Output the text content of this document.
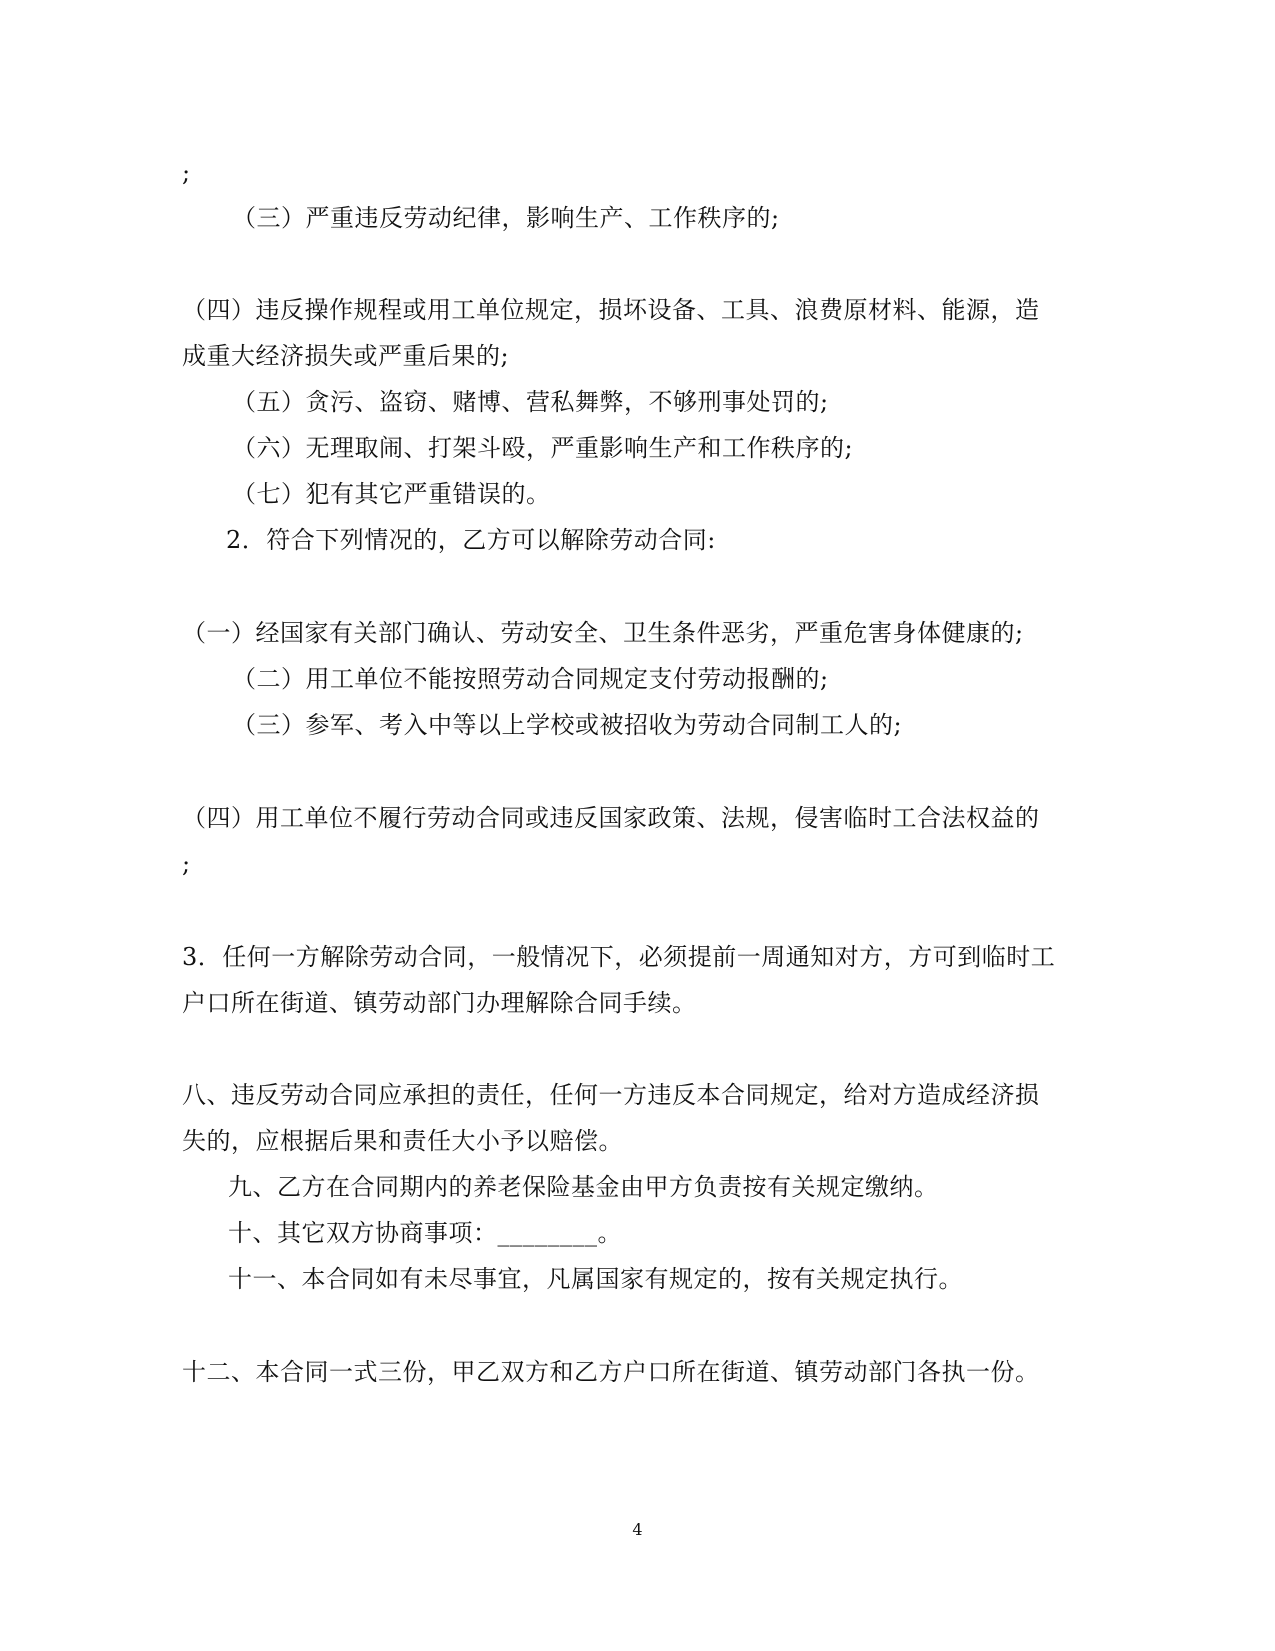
;
（三）严重违反劳动纪律，影响生产、工作秩序的;
（四）违反操作规程或用工单位规定，损坏设备、工具、浪费原材料、能源，造
成重大经济损失或严重后果的;
（五）贪污、盗窃、赌博、营私舞弊，不够刑事处罚的;
（六）无理取闹、打架斗殴，严重影响生产和工作秩序的;
（七）犯有其它严重错误的。
2．符合下列情况的，乙方可以解除劳动合同:
（一）经国家有关部门确认、劳动安全、卫生条件恶劣，严重危害身体健康的;
（二）用工单位不能按照劳动合同规定支付劳动报酬的;
（三）参军、考入中等以上学校或被招收为劳动合同制工人的;
（四）用工单位不履行劳动合同或违反国家政策、法规，侵害临时工合法权益的
;
3．任何一方解除劳动合同，一般情况下，必须提前一周通知对方，方可到临时工
户口所在街道、镇劳动部门办理解除合同手续。
八、违反劳动合同应承担的责任，任何一方违反本合同规定，给对方造成经济损
失的，应根据后果和责任大小予以赔偿。
九、乙方在合同期内的养老保险基金由甲方负责按有关规定缴纳。
十、其它双方协商事项：________。
十一、本合同如有未尽事宜，凡属国家有规定的，按有关规定执行。
十二、本合同一式三份，甲乙双方和乙方户口所在街道、镇劳动部门各执一份。
4
